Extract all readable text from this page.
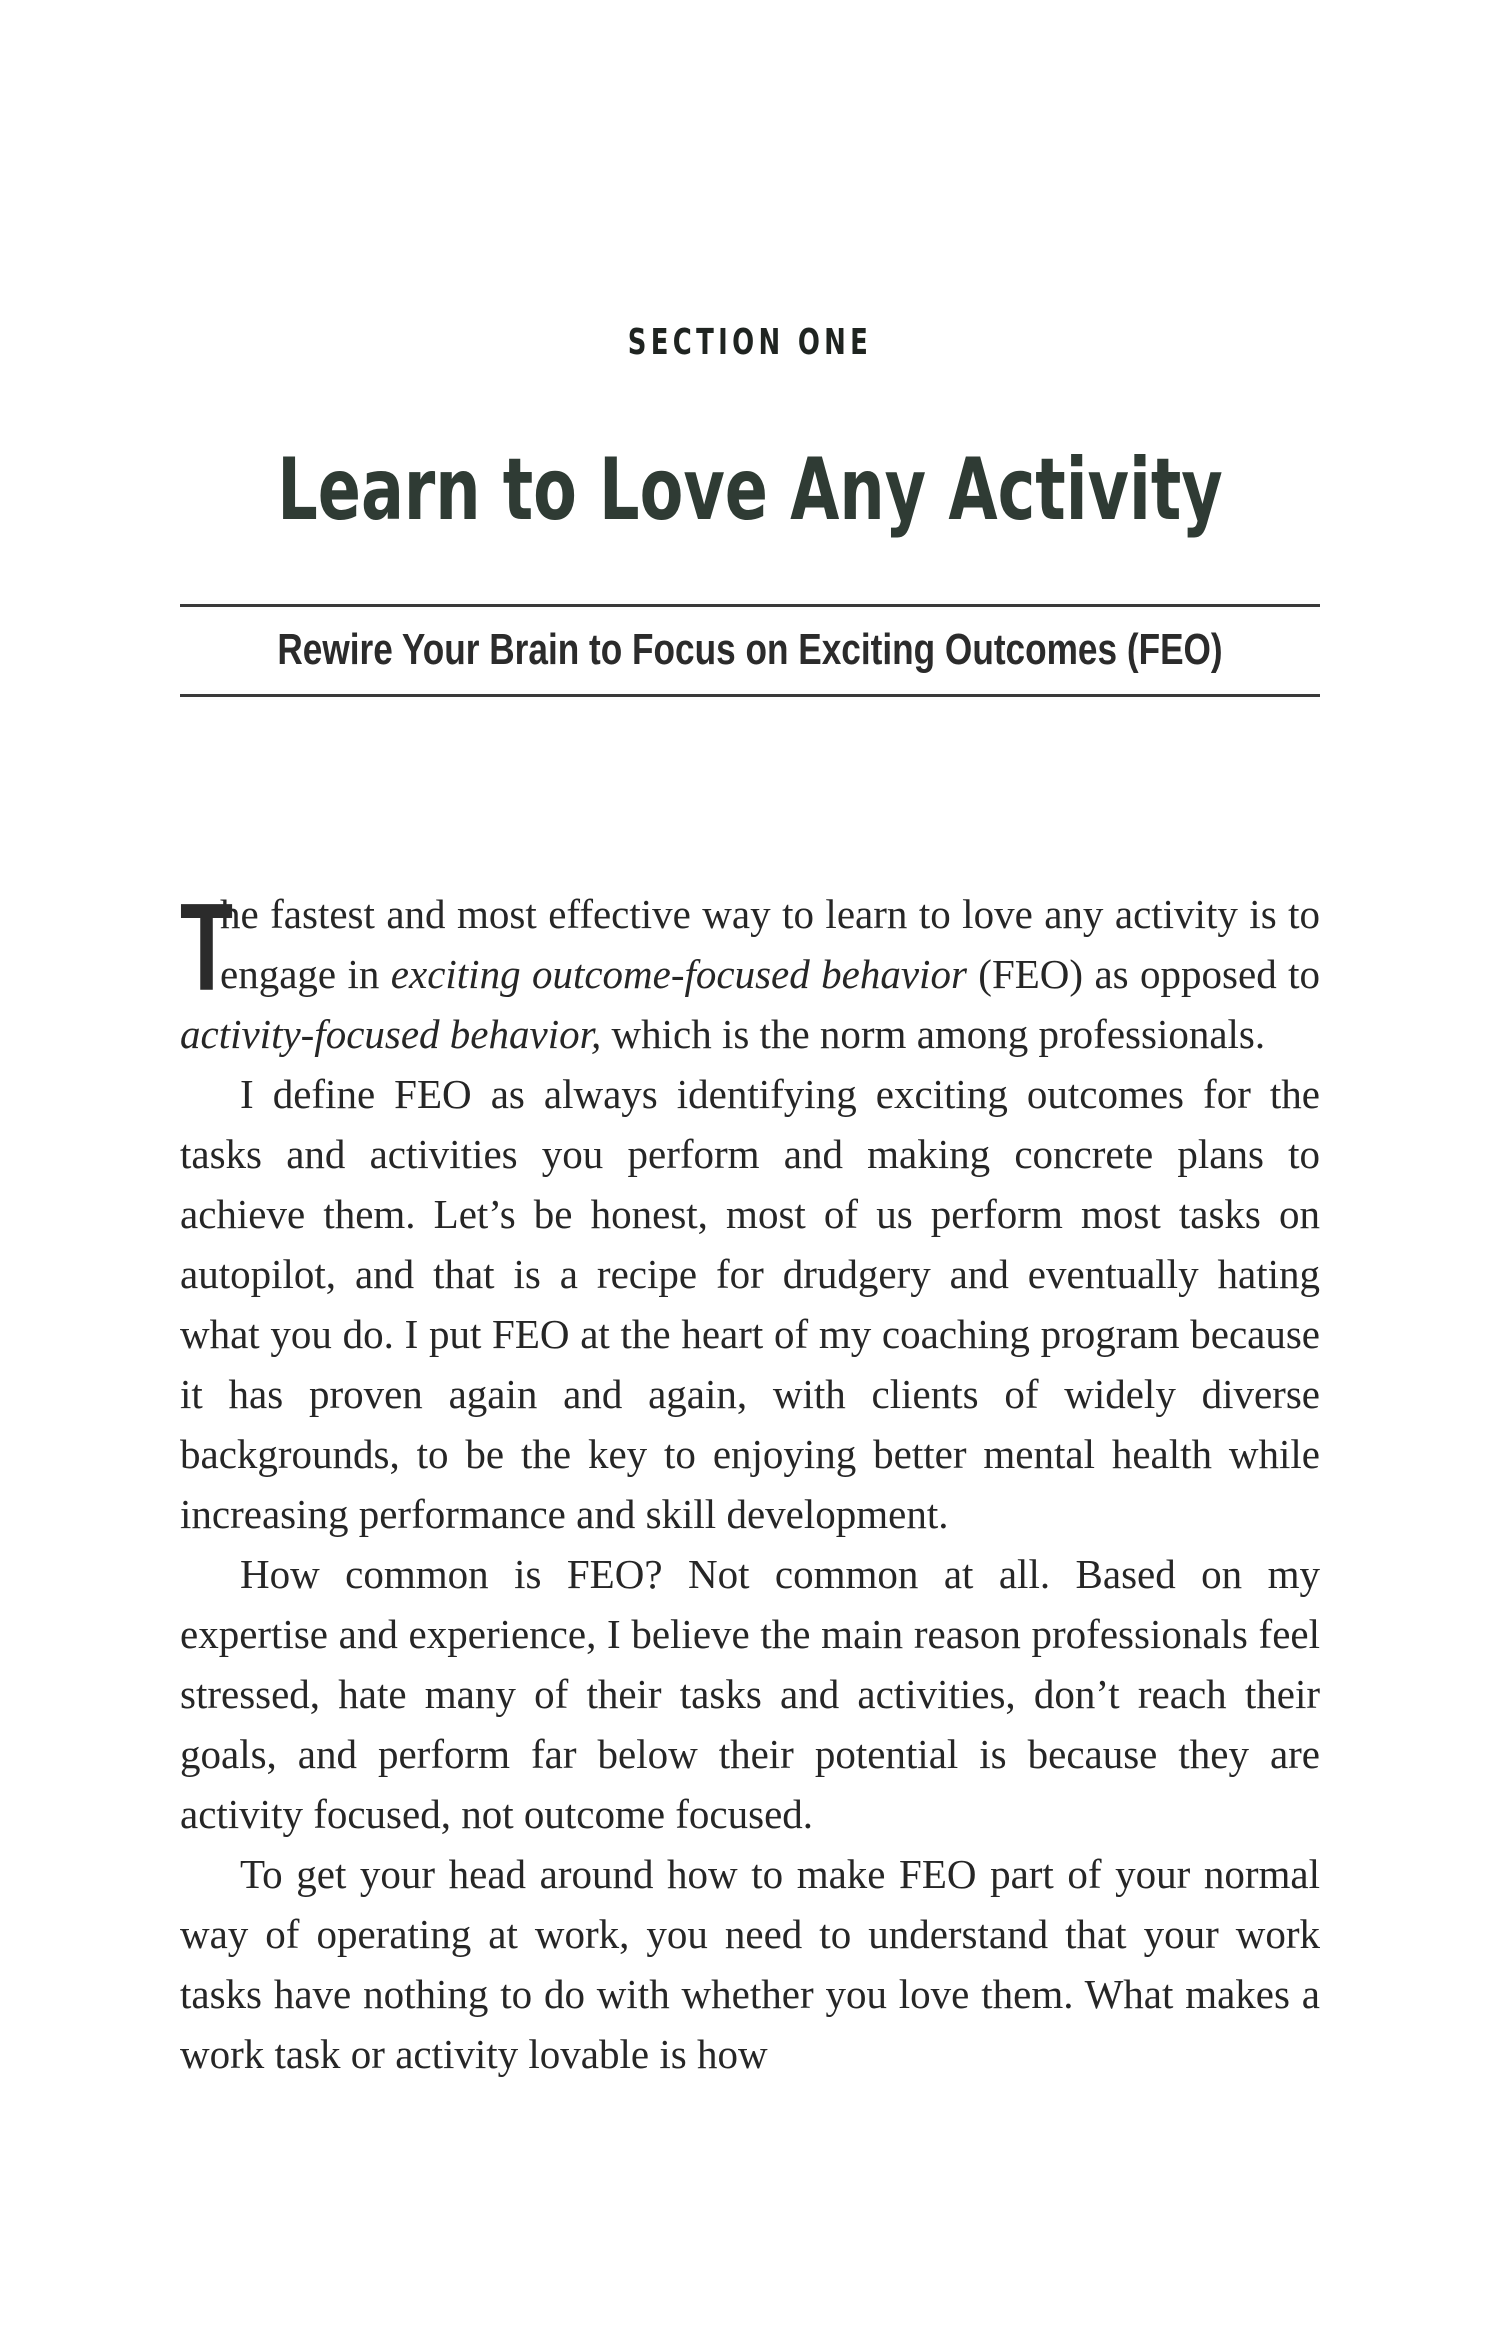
SECTION ONE
Learn to Love Any Activity
Rewire Your Brain to Focus on Exciting Outcomes (FEO)

T
he fastest and most effective way to learn to love any activity is to engage in exciting outcome-focused behavior (FEO) as opposed to activity-focused behavior, which is the norm among professionals.

I define FEO as always identifying exciting outcomes for the tasks and activities you perform and making concrete plans to achieve them. Let’s be honest, most of us perform most tasks on autopilot, and that is a recipe for drudgery and eventually hating what you do. I put FEO at the heart of my coaching program because it has proven again and again, with clients of widely diverse backgrounds, to be the key to enjoying better mental health while increasing performance and skill development.

How common is FEO? Not common at all. Based on my expertise and experience, I believe the main reason professionals feel stressed, hate many of their tasks and activities, don’t reach their goals, and perform far below their potential is because they are activity focused, not outcome focused.

To get your head around how to make FEO part of your normal way of operating at work, you need to understand that your work tasks have nothing to do with whether you love them. What makes a work task or activity lovable is how
